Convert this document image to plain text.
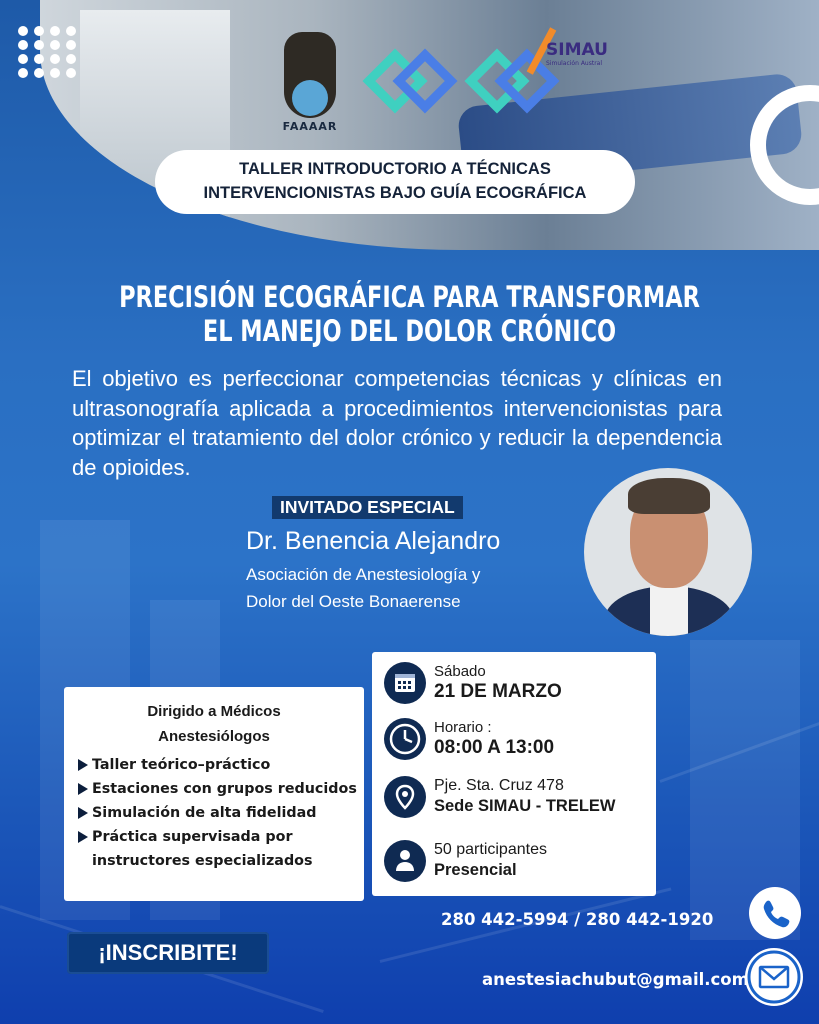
FAAAAR
SIMAU
Simulación Austral
TALLER INTRODUCTORIO A TÉCNICAS
INTERVENCIONISTAS BAJO GUÍA ECOGRÁFICA
PRECISIÓN ECOGRÁFICA PARA TRANSFORMAR
EL MANEJO DEL DOLOR CRÓNICO
El objetivo es perfeccionar competencias técnicas y clínicas en ultrasonografía aplicada a procedimientos intervencionistas para optimizar el tratamiento del dolor crónico y reducir la dependencia de opioides.
INVITADO ESPECIAL
Dr. Benencia Alejandro
Asociación de Anestesiología y
Dolor del Oeste Bonaerense
Dirigido a Médicos
Anestesiólogos
Taller teórico–práctico
Estaciones con grupos reducidos
Simulación de alta fidelidad
Práctica supervisada por instructores especializados
Sábado
21 DE MARZO
Horario :
08:00 A 13:00
Pje. Sta. Cruz 478
Sede SIMAU - TRELEW
50 participantes
Presencial
280 442-5994 / 280 442-1920
anestesiachubut@gmail.com
¡INSCRIBITE!
